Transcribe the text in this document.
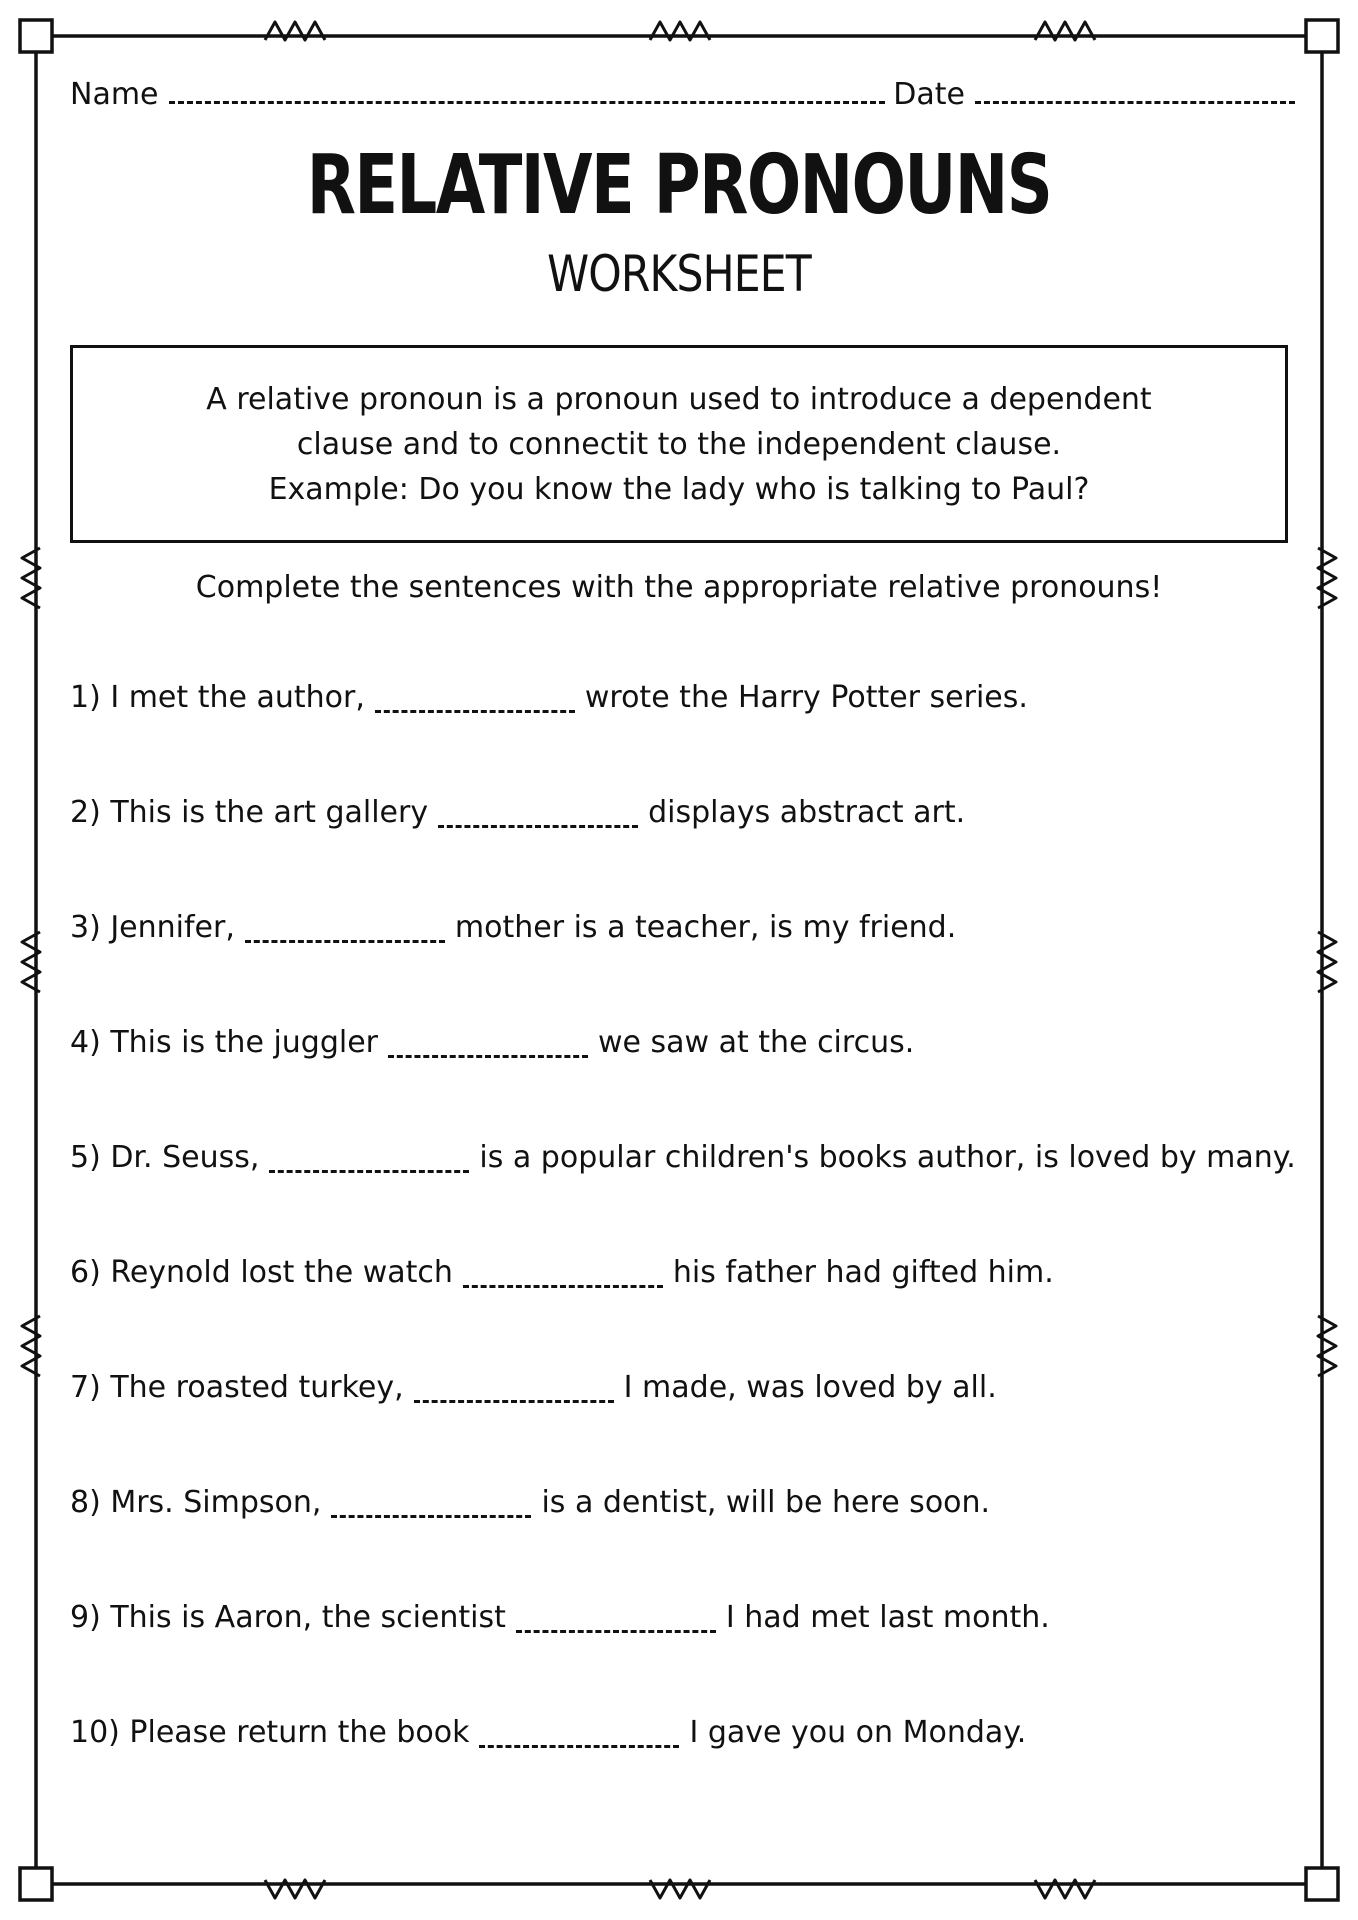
Name	Date
RELATIVE PRONOUNS
WORKSHEET
A relative pronoun is a pronoun used to introduce a dependent
clause and to connectit to the independent clause.
Example: Do you know the lady who is talking to Paul?
Complete the sentences with the appropriate relative pronouns!
1) I met the author,	wrote the Harry Potter series.
2) This is the art gallery	displays abstract art.
3) Jennifer,	mother is a teacher, is my friend.
4) This is the juggler	we saw at the circus.
5) Dr. Seuss,	is a popular children's books author, is loved by many.
6) Reynold lost the watch	his father had gifted him.
7) The roasted turkey,	I made, was loved by all.
8) Mrs. Simpson,	is a dentist, will be here soon.
9) This is Aaron, the scientist	I had met last month.
10) Please return the book	I gave you on Monday.
